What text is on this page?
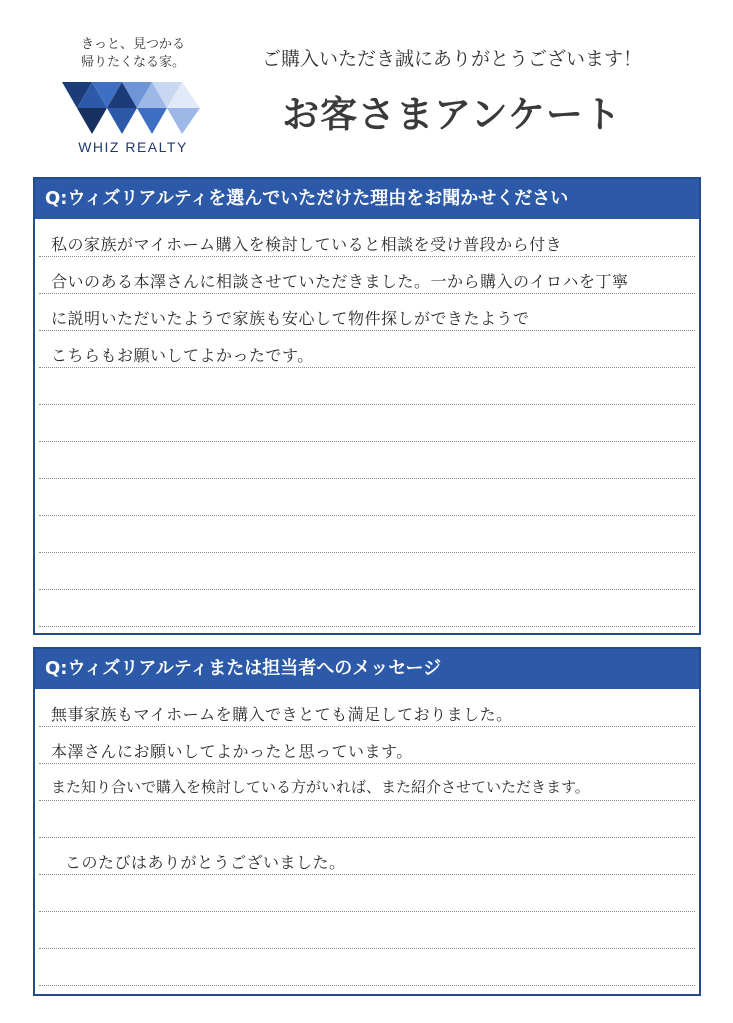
きっと、見つかる
帰りたくなる家。
WHIZ REALTY
ご購入いただき誠にありがとうございます！
お客さまアンケート
Q:ウィズリアルティを選んでいただけた理由をお聞かせください
私の家族がマイホーム購入を検討していると相談を受け普段から付き
合いのある本澤さんに相談させていただきました。一から購入のイロハを丁寧
に説明いただいたようで家族も安心して物件探しができたようで
こちらもお願いしてよかったです。
Q:ウィズリアルティまたは担当者へのメッセージ
無事家族もマイホームを購入できとても満足しておりました。
本澤さんにお願いしてよかったと思っています。
また知り合いで購入を検討している方がいれば、また紹介させていただきます。
このたびはありがとうございました。
